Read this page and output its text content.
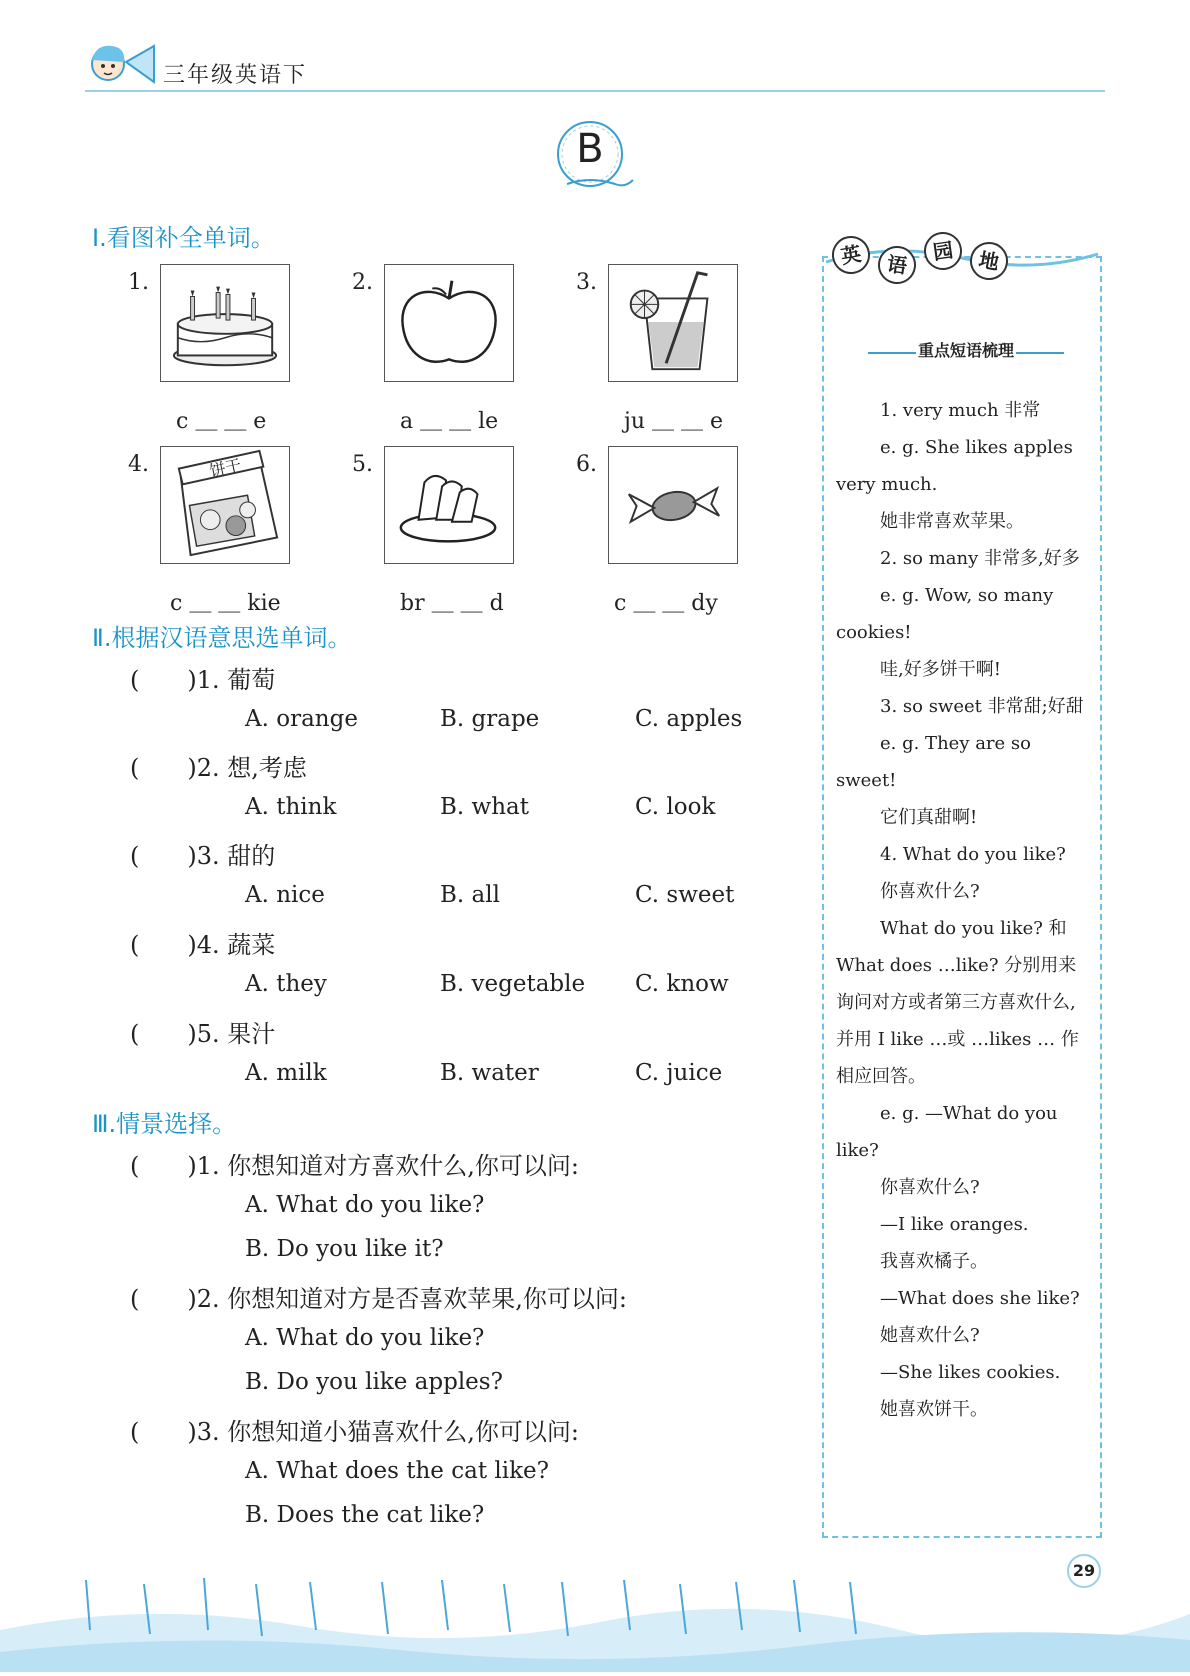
三年级英语下
B
Ⅰ.看图补全单词。
1.
c ＿ ＿ e
2.
a ＿ ＿ le
3.
ju ＿ ＿ e
4.	饼干
c ＿ ＿ kie
5.
br ＿ ＿ d
6.
c ＿ ＿ dy
Ⅱ.根据汉语意思选单词。
(　　)1. 葡萄
A. orange	B. grape	C. apples
(　　)2. 想,考虑
A. think	B. what	C. look
(　　)3. 甜的
A. nice	B. all	C. sweet
(　　)4. 蔬菜
A. they	B. vegetable C. know
(　　)5. 果汁
A. milk	B. water	C. juice
Ⅲ.情景选择。
(　　)1. 你想知道对方喜欢什么,你可以问:
A. What do you like?
B. Do you like it?
(　　)2. 你想知道对方是否喜欢苹果,你可以问:
A. What do you like?
B. Do you like apples?
(　　)3. 你想知道小猫喜欢什么,你可以问:
A. What does the cat like?
B. Does the cat like?
英	语
园	地
重点短语梳理

1. very much 非常

e. g. She likes apples very much.

她非常喜欢苹果。

2. so many 非常多,好多

e. g. Wow, so many cookies!

哇,好多饼干啊!

3. so sweet 非常甜;好甜

e. g. They are so sweet!

它们真甜啊!

4. What do you like?

你喜欢什么?

What do you like? 和 What does …like? 分别用来询问对方或者第三方喜欢什么,并用 I like …或 …likes … 作相应回答。

e. g. —What do you like?

你喜欢什么?

—I like oranges.

我喜欢橘子。

—What does she like?

她喜欢什么?

—She likes cookies.

她喜欢饼干。

29
